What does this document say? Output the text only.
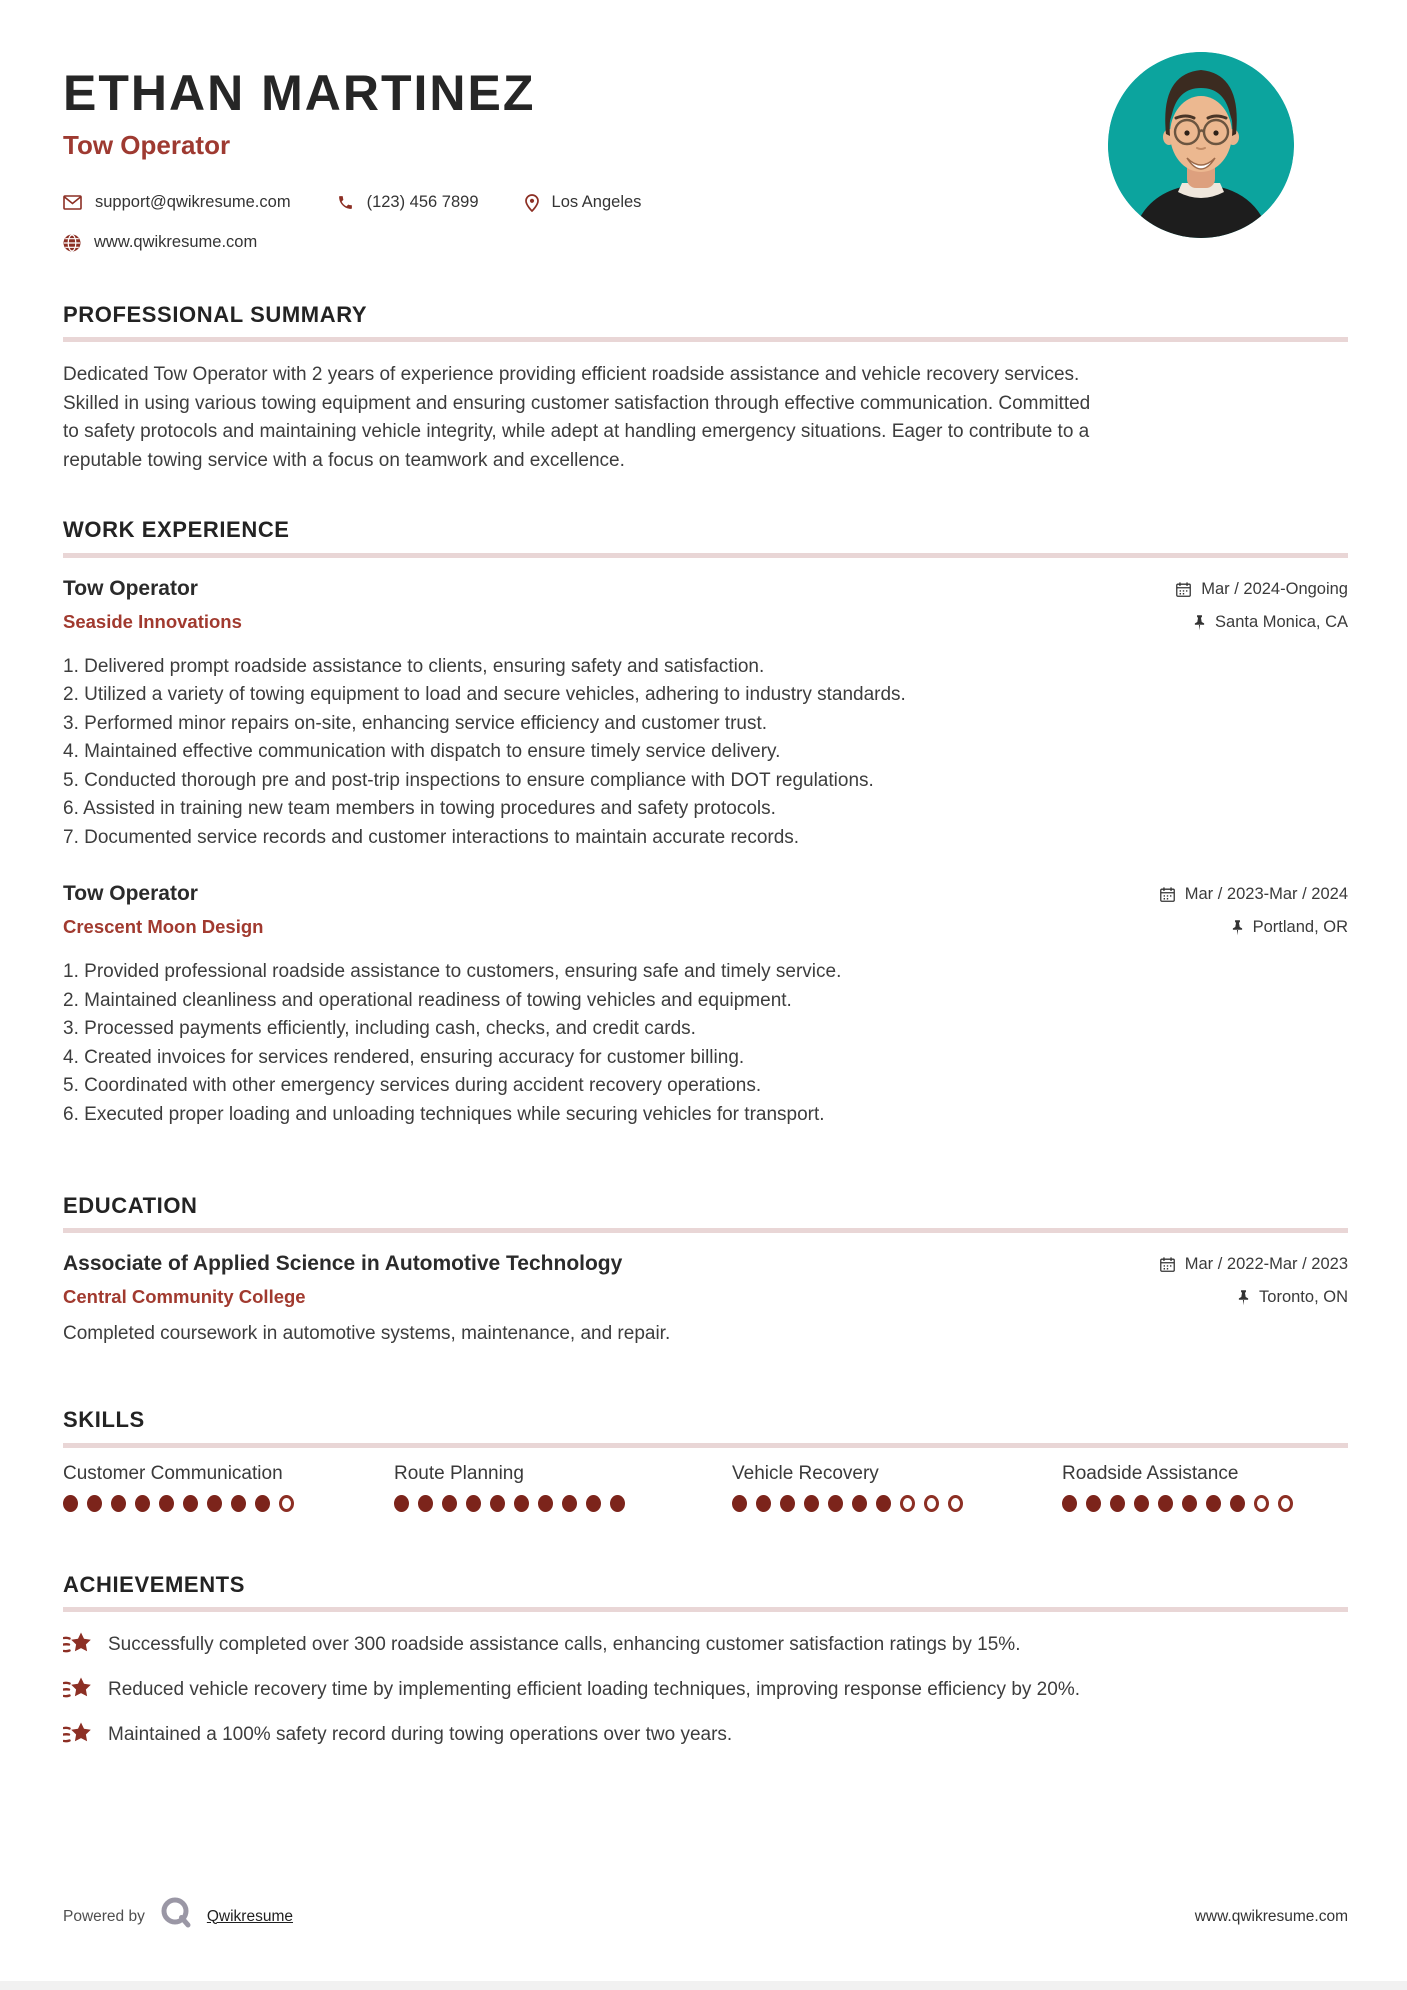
ETHAN MARTINEZ
Tow Operator
support@qwikresume.com	(123) 456 7899	Los Angeles
www.qwikresume.com
PROFESSIONAL SUMMARY

Dedicated Tow Operator with 2 years of experience providing efficient roadside assistance and vehicle recovery services. Skilled in using various towing equipment and ensuring customer satisfaction through effective communication. Committed to safety protocols and maintaining vehicle integrity, while adept at handling emergency situations. Eager to contribute to a reputable towing service with a focus on teamwork and excellence.

WORK EXPERIENCE
Tow Operator
Seaside Innovations
Mar / 2024-Ongoing
Santa Monica, CA
Delivered prompt roadside assistance to clients, ensuring safety and satisfaction.
Utilized a variety of towing equipment to load and secure vehicles, adhering to industry standards.
Performed minor repairs on-site, enhancing service efficiency and customer trust.
Maintained effective communication with dispatch to ensure timely service delivery.
Conducted thorough pre and post-trip inspections to ensure compliance with DOT regulations.
Assisted in training new team members in towing procedures and safety protocols.
Documented service records and customer interactions to maintain accurate records.
Tow Operator
Crescent Moon Design
Mar / 2023-Mar / 2024
Portland, OR
Provided professional roadside assistance to customers, ensuring safe and timely service.
Maintained cleanliness and operational readiness of towing vehicles and equipment.
Processed payments efficiently, including cash, checks, and credit cards.
Created invoices for services rendered, ensuring accuracy for customer billing.
Coordinated with other emergency services during accident recovery operations.
Executed proper loading and unloading techniques while securing vehicles for transport.
EDUCATION
Associate of Applied Science in Automotive Technology
Central Community College
Mar / 2022-Mar / 2023
Toronto, ON

Completed coursework in automotive systems, maintenance, and repair.

SKILLS
Customer Communication	Route Planning	Vehicle Recovery	Roadside Assistance
ACHIEVEMENTS
Successfully completed over 300 roadside assistance calls, enhancing customer satisfaction ratings by 15%.
Reduced vehicle recovery time by implementing efficient loading techniques, improving response efficiency by 20%.
Maintained a 100% safety record during towing operations over two years.
Powered by	Qwikresume	www.qwikresume.com
